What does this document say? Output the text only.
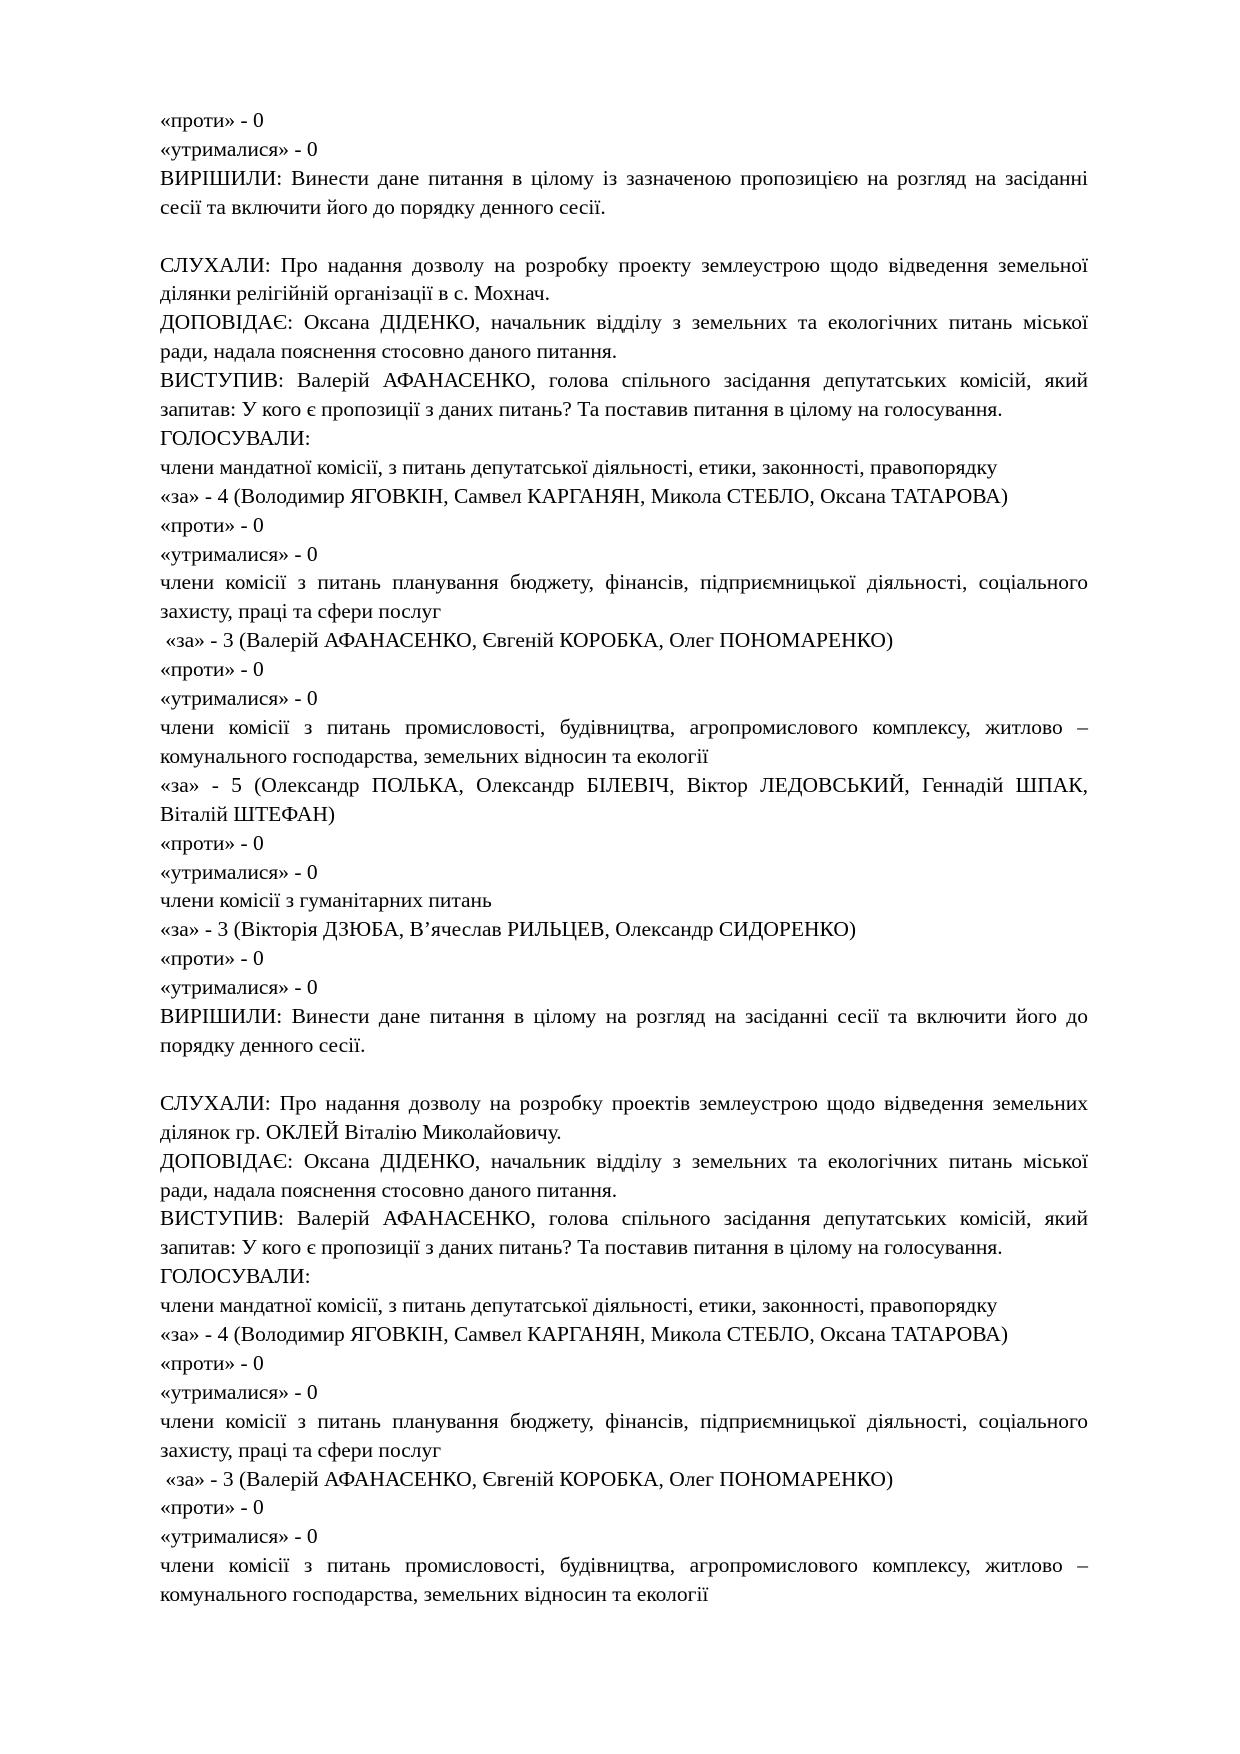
«проти» - 0

«утрималися» - 0

ВИРІШИЛИ: Винести дане питання в цілому із зазначеною пропозицією на розгляд на засіданні сесії та включити його до порядку денного сесії.

СЛУХАЛИ: Про надання дозволу на розробку проекту землеустрою щодо відведення земельної ділянки релігійній організації в с. Мохнач.

ДОПОВІДАЄ: Оксана ДІДЕНКО, начальник відділу з земельних та екологічних питань міської ради, надала пояснення стосовно даного питання.

ВИСТУПИВ: Валерій АФАНАСЕНКО, голова спільного засідання депутатських комісій, який запитав: У кого є пропозиції з даних питань? Та поставив питання в цілому на голосування.

ГОЛОСУВАЛИ:

члени мандатної комісії, з питань депутатської діяльності, етики, законності, правопорядку

«за» - 4 (Володимир ЯГОВКІН, Самвел КАРГАНЯН, Микола СТЕБЛО, Оксана ТАТАРОВА)

«проти» - 0

«утрималися» - 0

члени комісії з питань планування бюджету, фінансів, підприємницької діяльності, соціального захисту, праці та сфери послуг

«за» - 3 (Валерій АФАНАСЕНКО, Євгеній КОРОБКА, Олег ПОНОМАРЕНКО)

«проти» - 0

«утрималися» - 0

члени комісії з питань промисловості, будівництва, агропромислового комплексу, житлово – комунального господарства, земельних відносин та екології

«за» - 5 (Олександр ПОЛЬКА, Олександр БІЛЕВІЧ, Віктор ЛЕДОВСЬКИЙ, Геннадій ШПАК, Віталій ШТЕФАН)

«проти» - 0

«утрималися» - 0

члени комісії з гуманітарних питань

«за» - 3 (Вікторія ДЗЮБА, В’ячеслав РИЛЬЦЕВ, Олександр СИДОРЕНКО)

«проти» - 0

«утрималися» - 0

ВИРІШИЛИ: Винести дане питання в цілому на розгляд на засіданні сесії та включити його до порядку денного сесії.

СЛУХАЛИ: Про надання дозволу на розробку проектів землеустрою щодо відведення земельних ділянок гр. ОКЛЕЙ Віталію Миколайовичу.

ДОПОВІДАЄ: Оксана ДІДЕНКО, начальник відділу з земельних та екологічних питань міської ради, надала пояснення стосовно даного питання.

ВИСТУПИВ: Валерій АФАНАСЕНКО, голова спільного засідання депутатських комісій, який запитав: У кого є пропозиції з даних питань? Та поставив питання в цілому на голосування.

ГОЛОСУВАЛИ:

члени мандатної комісії, з питань депутатської діяльності, етики, законності, правопорядку

«за» - 4 (Володимир ЯГОВКІН, Самвел КАРГАНЯН, Микола СТЕБЛО, Оксана ТАТАРОВА)

«проти» - 0

«утрималися» - 0

члени комісії з питань планування бюджету, фінансів, підприємницької діяльності, соціального захисту, праці та сфери послуг

«за» - 3 (Валерій АФАНАСЕНКО, Євгеній КОРОБКА, Олег ПОНОМАРЕНКО)

«проти» - 0

«утрималися» - 0

члени комісії з питань промисловості, будівництва, агропромислового комплексу, житлово – комунального господарства, земельних відносин та екології
